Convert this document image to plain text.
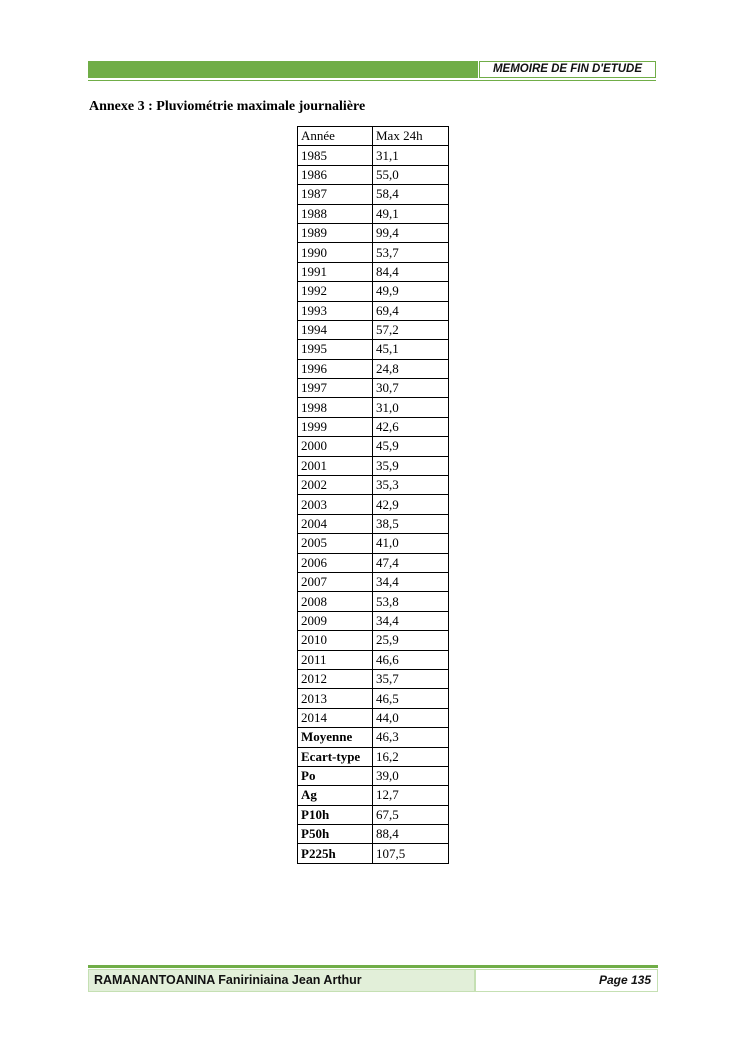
MEMOIRE DE FIN D'ETUDE
Annexe 3 : Pluviométrie maximale journalière
Année	Max 24h
1985	31,1
1986	55,0
1987	58,4
1988	49,1
1989	99,4
1990	53,7
1991	84,4
1992	49,9
1993	69,4
1994	57,2
1995	45,1
1996	24,8
1997	30,7
1998	31,0
1999	42,6
2000	45,9
2001	35,9
2002	35,3
2003	42,9
2004	38,5
2005	41,0
2006	47,4
2007	34,4
2008	53,8
2009	34,4
2010	25,9
2011	46,6
2012	35,7
2013	46,5
2014	44,0
Moyenne	46,3
Ecart-type	16,2
Po	39,0
Ag	12,7
P10h	67,5
P50h	88,4
P225h	107,5
RAMANANTOANINA Faniriniaina Jean Arthur	Page 135
